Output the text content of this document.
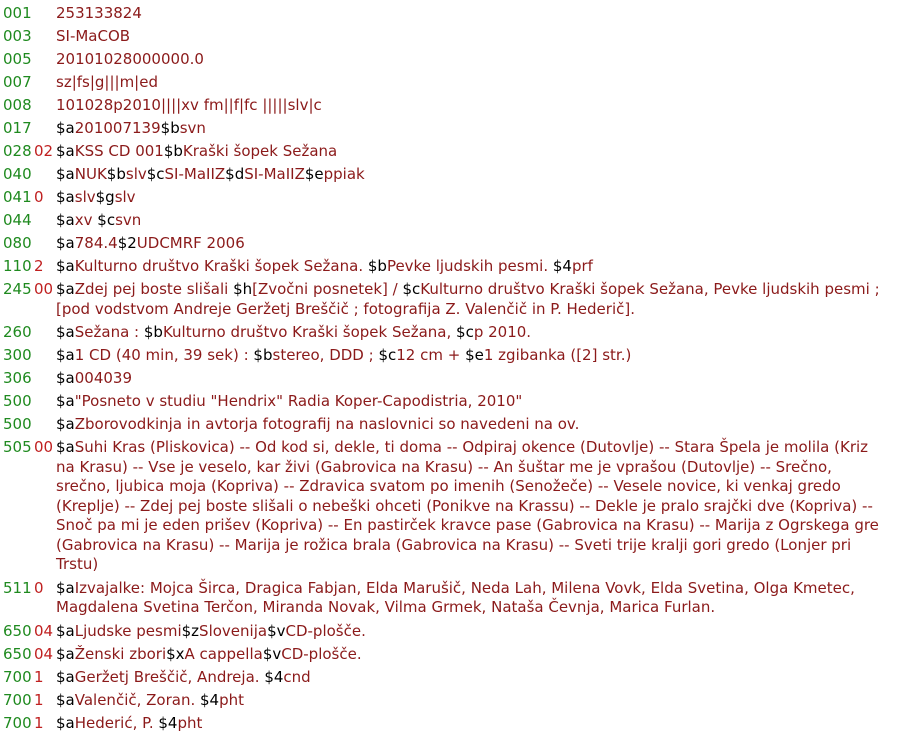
001 253133824
003 SI-MaCOB
005 20101028000000.0
007 sz|fs|g|||m|ed
008 101028p2010||||xv fm||f|fc |||||slv|c
017 $a201007139$bsvn
028 02 $aKSS CD 001$bKraški šopek Sežana
040 $aNUK$bslv$cSI-MaIIZ$dSI-MaIIZ$eppiak
041 0 $aslv$gslv
044 $axv $csvn
080 $a784.4$2UDCMRF 2006
110 2 $aKulturno društvo Kraški šopek Sežana. $bPevke ljudskih pesmi. $4prf
245 00 $aZdej pej boste slišali $h[Zvočni posnetek] / $cKulturno društvo Kraški šopek Sežana, Pevke ljudskih pesmi ; [pod vodstvom Andreje Geržetj Breščič ; fotografija Z. Valenčič in P. Hederič].
260 $aSežana : $bKulturno društvo Kraški šopek Sežana, $cp 2010.
300 $a1 CD (40 min, 39 sek) : $bstereo, DDD ; $c12 cm + $e1 zgibanka ([2] str.)
306 $a004039
500 $a"Posneto v studiu "Hendrix" Radia Koper-Capodistria, 2010"
500 $aZborovodkinja in avtorja fotografij na naslovnici so navedeni na ov.
505 00 $aSuhi Kras (Pliskovica) -- Od kod si, dekle, ti doma -- Odpiraj okence (Dutovlje) -- Stara Špela je molila (Kriz na Krasu) -- Vse je veselo, kar živi (Gabrovica na Krasu) -- An šuštar me je vprašou (Dutovlje) -- Srečno, srečno, ljubica moja (Kopriva) -- Zdravica svatom po imenih (Senožeče) -- Vesele novice, ki venkaj gredo (Kreplje) -- Zdej pej boste slišali o nebeški ohceti (Ponikve na Krassu) -- Dekle je pralo srajčki dve (Kopriva) -- Snoč pa mi je eden prišev (Kopriva) -- En pastirček kravce pase (Gabrovica na Krasu) -- Marija z Ogrskega gre (Gabrovica na Krasu) -- Marija je rožica brala (Gabrovica na Krasu) -- Sveti trije kralji gori gredo (Lonjer pri Trstu)
511 0 $aIzvajalke: Mojca Širca, Dragica Fabjan, Elda Marušič, Neda Lah, Milena Vovk, Elda Svetina, Olga Kmetec, Magdalena Svetina Terčon, Miranda Novak, Vilma Grmek, Nataša Čevnja, Marica Furlan.
650 04 $aLjudske pesmi$zSlovenija$vCD-plošče.
650 04 $aŽenski zbori$xA cappella$vCD-plošče.
700 1 $aGeržetj Breščič, Andreja. $4cnd
700 1 $aValenčič, Zoran. $4pht
700 1 $aHederić, P. $4pht
